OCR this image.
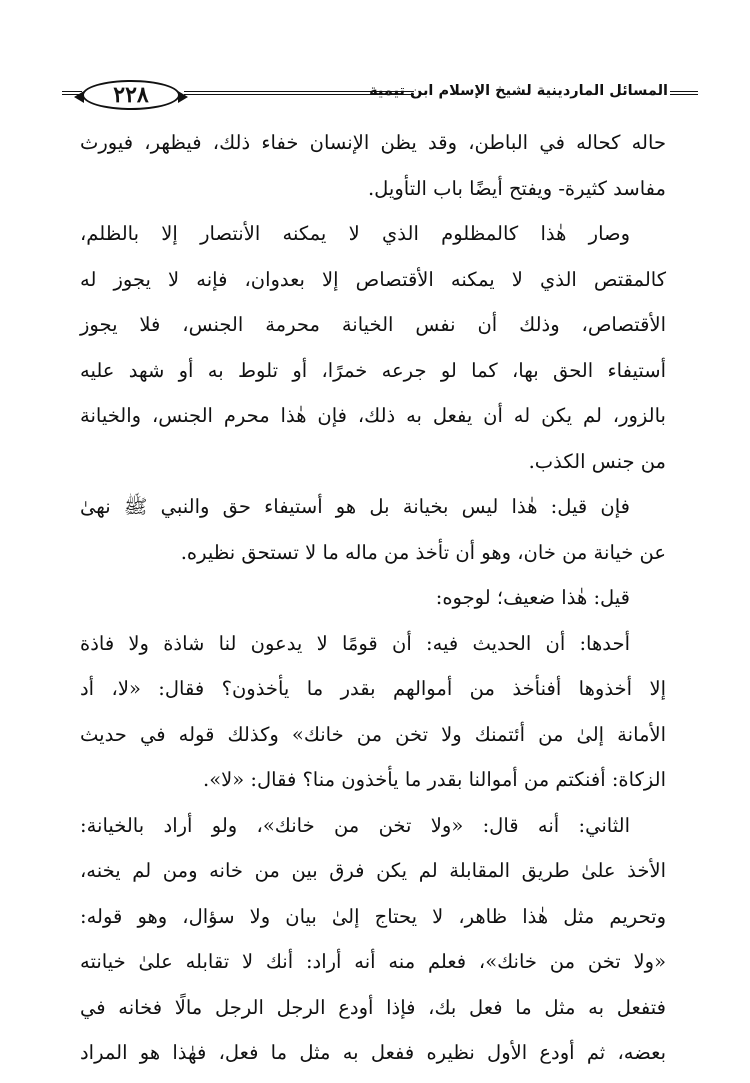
٢٢٨	المسائل الماردينية لشيخ الإسلام ابن تيمية
حاله كحاله في الباطن، وقد يظن الإنسان خفاء ذلك، فيظهر، فيورث
مفاسد كثيرة- ويفتح أيضًا باب التأويل.
وصار هٰذا كالمظلوم الذي لا يمكنه الأنتصار إلا بالظلم،
كالمقتص الذي لا يمكنه الأقتصاص إلا بعدوان، فإنه لا يجوز له
الأقتصاص، وذلك أن نفس الخيانة محرمة الجنس، فلا يجوز
أستيفاء الحق بها، كما لو جرعه خمرًا، أو تلوط به أو شهد عليه
بالزور، لم يكن له أن يفعل به ذلك، فإن هٰذا محرم الجنس، والخيانة
من جنس الكذب.
فإن قيل: هٰذا ليس بخيانة بل هو أستيفاء حق والنبي ﷺ نهىٰ
عن خيانة من خان، وهو أن تأخذ من ماله ما لا تستحق نظيره.
قيل: هٰذا ضعيف؛ لوجوه:
أحدها: أن الحديث فيه: أن قومًا لا يدعون لنا شاذة ولا فاذة
إلا أخذوها أفنأخذ من أموالهم بقدر ما يأخذون؟ فقال: «لا، أد
الأمانة إلىٰ من أئتمنك ولا تخن من خانك» وكذلك قوله في حديث
الزكاة: أفنكتم من أموالنا بقدر ما يأخذون منا؟ فقال: «لا».
الثاني: أنه قال: «ولا تخن من خانك»، ولو أراد بالخيانة:
الأخذ علىٰ طريق المقابلة لم يكن فرق بين من خانه ومن لم يخنه،
وتحريم مثل هٰذا ظاهر، لا يحتاج إلىٰ بيان ولا سؤال، وهو قوله:
«ولا تخن من خانك»، فعلم منه أنه أراد: أنك لا تقابله علىٰ خيانته
فتفعل به مثل ما فعل بك، فإذا أودع الرجل الرجل مالًا فخانه في
بعضه، ثم أودع الأول نظيره ففعل به مثل ما فعل، فهٰذا هو المراد
